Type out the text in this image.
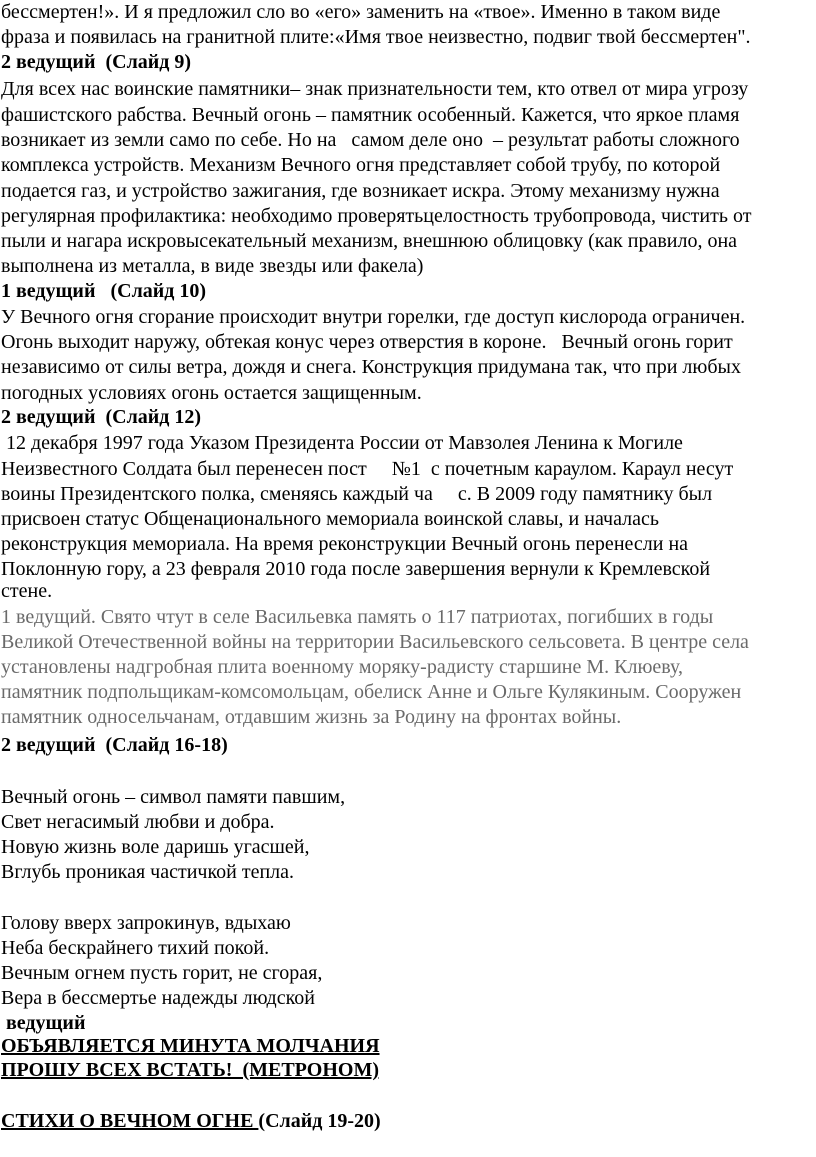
бессмертен!». И я предложил сло во «его» заменить на «твое». Именно в таком виде
фраза и появилась на гранитной плите:«Имя твое неизвестно, подвиг твой бессмертен".
2 ведущий  (Слайд 9)
Для всех нас воинские памятники– знак признательности тем, кто отвел от мира угрозу
фашистского рабства. Вечный огонь – памятник особенный. Кажется, что яркое пламя
возникает из земли само по себе. Но на   самом деле оно  – результат работы сложного
комплекса устройств. Механизм Вечного огня представляет собой трубу, по которой
подается газ, и устройство зажигания, где возникает искра. Этому механизму нужна
регулярная профилактика: необходимо проверятьцелостность трубопровода, чистить от
пыли и нагара искровысекательный механизм, внешнюю облицовку (как правило, она
выполнена из металла, в виде звезды или факела)
1 ведущий   (Слайд 10)
У Вечного огня сгорание происходит внутри горелки, где доступ кислорода ограничен.
Огонь выходит наружу, обтекая конус через отверстия в короне.   Вечный огонь горит
независимо от силы ветра, дождя и снега. Конструкция придумана так, что при любых
погодных условиях огонь остается защищенным.
2 ведущий  (Слайд 12)
12 декабря 1997 года Указом Президента России от Мавзолея Ленина к Могиле
Неизвестного Солдата был перенесен пост     №1  с почетным караулом. Караул несут
воины Президентского полка, сменяясь каждый ча     с. В 2009 году памятнику был
присвоен статус Общенационального мемориала воинской славы, и началась
реконструкция мемориала. На время реконструкции Вечный огонь перенесли на
Поклонную гору, а 23 февраля 2010 года после завершения вернули к Кремлевской
стене.
1 ведущий. Свято чтут в селе Васильевка память о 117 патриотах, погибших в годы
Великой Отечественной войны на территории Васильевского сельсовета. В центре села
установлены надгробная плита военному моряку-радисту старшине М. Клюеву,
памятник подпольщикам-комсомольцам, обелиск Анне и Ольге Кулякиным. Сооружен
памятник односельчанам, отдавшим жизнь за Родину на фронтах войны.
2 ведущий  (Слайд 16-18)
Вечный огонь – символ памяти павшим,
Свет негасимый любви и добра.
Новую жизнь воле даришь угасшей,
Вглубь проникая частичкой тепла.
Голову вверх запрокинув, вдыхаю
Неба бескрайнего тихий покой.
Вечным огнем пусть горит, не сгорая,
Вера в бессмертье надежды людской
ведущий
ОБЪЯВЛЯЕТСЯ МИНУТА МОЛЧАНИЯ
ПРОШУ ВСЕХ ВСТАТЬ!  (МЕТРОНОМ)
СТИХИ О ВЕЧНОМ ОГНЕ (Слайд 19-20)
